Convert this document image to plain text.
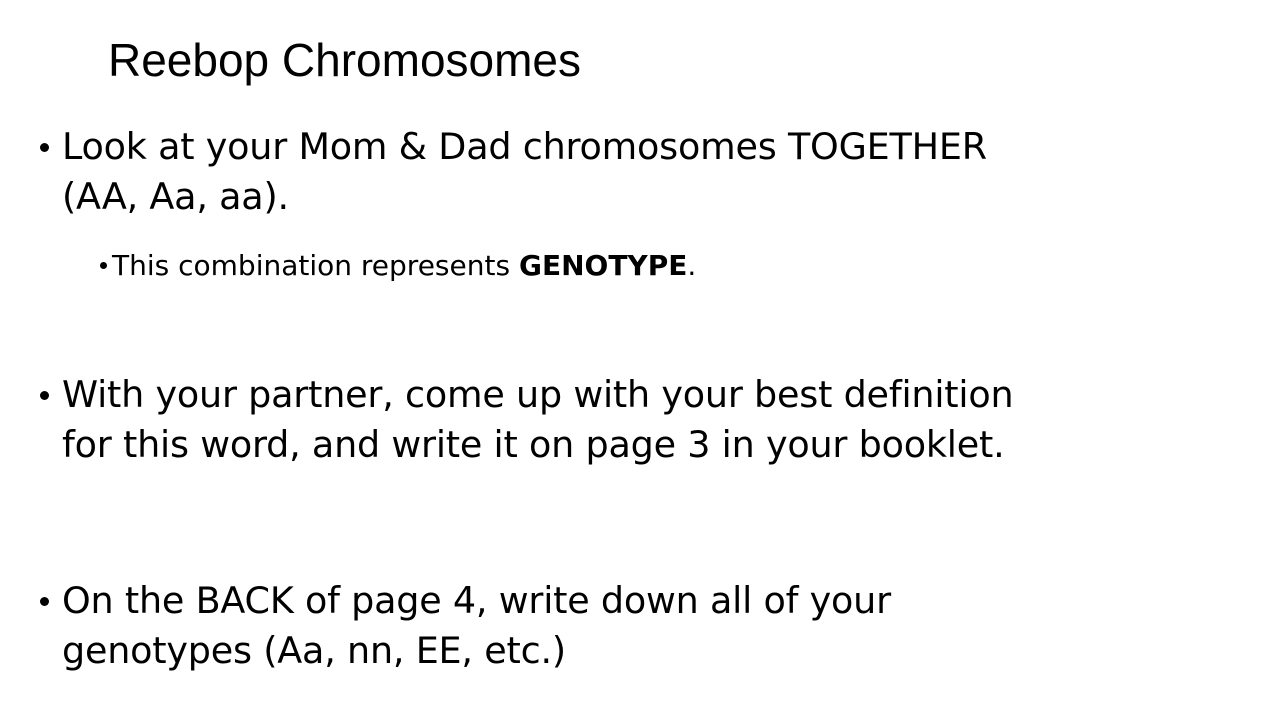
Reebop Chromosomes
Look at your Mom & Dad chromosomes TOGETHER
(AA, Aa, aa).
This combination represents GENOTYPE.
With your partner, come up with your best definition
for this word, and write it on page 3 in your booklet.
On the BACK of page 4, write down all of your
genotypes (Aa, nn, EE, etc.)
